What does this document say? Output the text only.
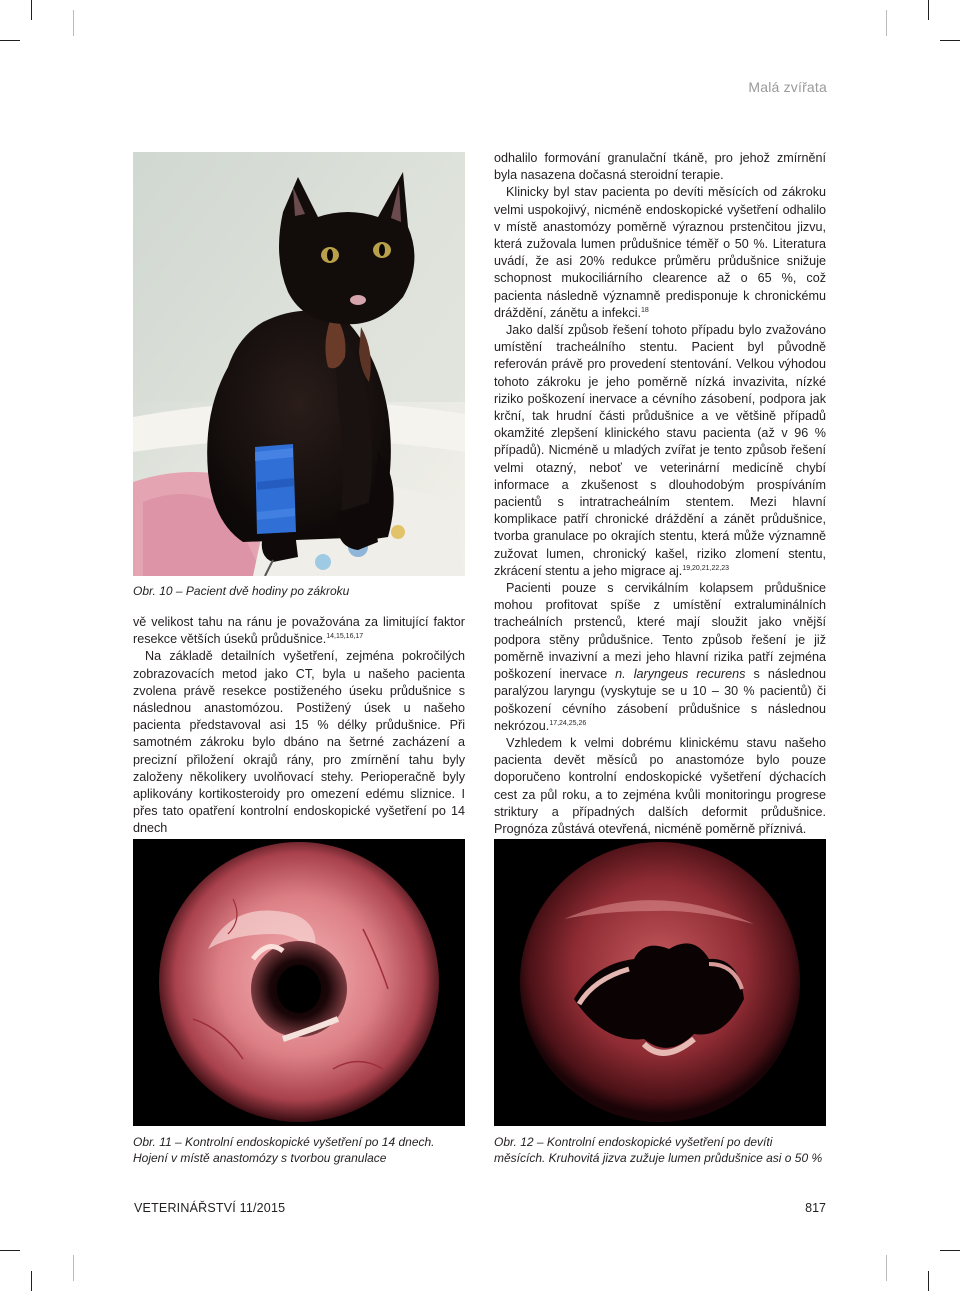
Malá zvířata
Obr. 10 – Pacient dvě hodiny po zákroku

vě velikost tahu na ránu je považována za limitující faktor resekce větších úseků průdušnice.$^{14,15,16,17}$

Na základě detailních vyšetření, zejména pokročilých zobrazovacích metod jako CT, byla u našeho pacienta zvolena právě resekce postiženého úseku průdušnice s následnou anastomózou. Postižený úsek u našeho pacienta představoval asi 15 % délky průdušnice. Při samotném zákroku bylo dbáno na šetrné zacházení a precizní přiložení okrajů rány, pro zmírnění tahu byly založeny několikery uvolňovací stehy. Perioperačně byly aplikovány kortikosteroidy pro omezení edému sliznice. I přes tato opatření kontrolní endoskopické vyšetření po 14 dnech

odhalilo formování granulační tkáně, pro jehož zmírnění byla nasazena dočasná steroidní terapie.

Klinicky byl stav pacienta po devíti měsících od zákroku velmi uspokojivý, nicméně endoskopické vyšetření odhalilo v místě anastomózy poměrně výraznou prstenčitou jizvu, která zužovala lumen průdušnice téměř o 50 %. Literatura uvádí, že asi 20% redukce průměru průdušnice snižuje schopnost mukociliárního clearence až o 65 %, což pacienta následně významně predisponuje k chronickému dráždění, zánětu a infekci.$^{18}$

Jako další způsob řešení tohoto případu bylo zvažováno umístění tracheálního stentu. Pacient byl původně referován právě pro provedení stentování. Velkou výhodou tohoto zákroku je jeho poměrně nízká invazivita, nízké riziko poškození inervace a cévního zásobení, podpora jak krční, tak hrudní části průdušnice a ve většině případů okamžité zlepšení klinického stavu pacienta (až v 96 % případů). Nicméně u mladých zvířat je tento způsob řešení velmi otazný, neboť ve veterinární medicíně chybí informace a zkušenost s dlouhodobým prospíváním pacientů s intratracheálním stentem. Mezi hlavní komplikace patří chronické dráždění a zánět průdušnice, tvorba granulace po okrajích stentu, která může významně zužovat lumen, chronický kašel, riziko zlomení stentu, zkrácení stentu a jeho migrace aj.$^{19,20,21,22,23}$

Pacienti pouze s cervikálním kolapsem průdušnice mohou profitovat spíše z umístění extraluminálních tracheálních prstenců, které mají sloužit jako vnější podpora stěny průdušnice. Tento způsob řešení je již poměrně invazivní a mezi jeho hlavní rizika patří zejména poškození inervace n. laryngeus recurens s následnou paralýzou laryngu (vyskytuje se u 10 – 30 % pacientů) či poškození cévního zásobení průdušnice s následnou nekrózou.$^{17,24,25,26}$

Vzhledem k velmi dobrému klinickému stavu našeho pacienta devět měsíců po anastomóze bylo pouze doporučeno kontrolní endoskopické vyšetření dýchacích cest za půl roku, a to zejména kvůli monitoringu progrese striktury a případných dalších deformit průdušnice. Prognóza zůstává otevřená, nicméně poměrně příznivá.

Obr. 11 – Kontrolní endoskopické vyšetření po 14 dnech. Hojení v místě anastomózy s tvorbou granulace
Obr. 12 – Kontrolní endoskopické vyšetření po devíti měsících. Kruhovitá jizva zužuje lumen průdušnice asi o 50 %
VETERINÁŘSTVÍ 11/2015	817
